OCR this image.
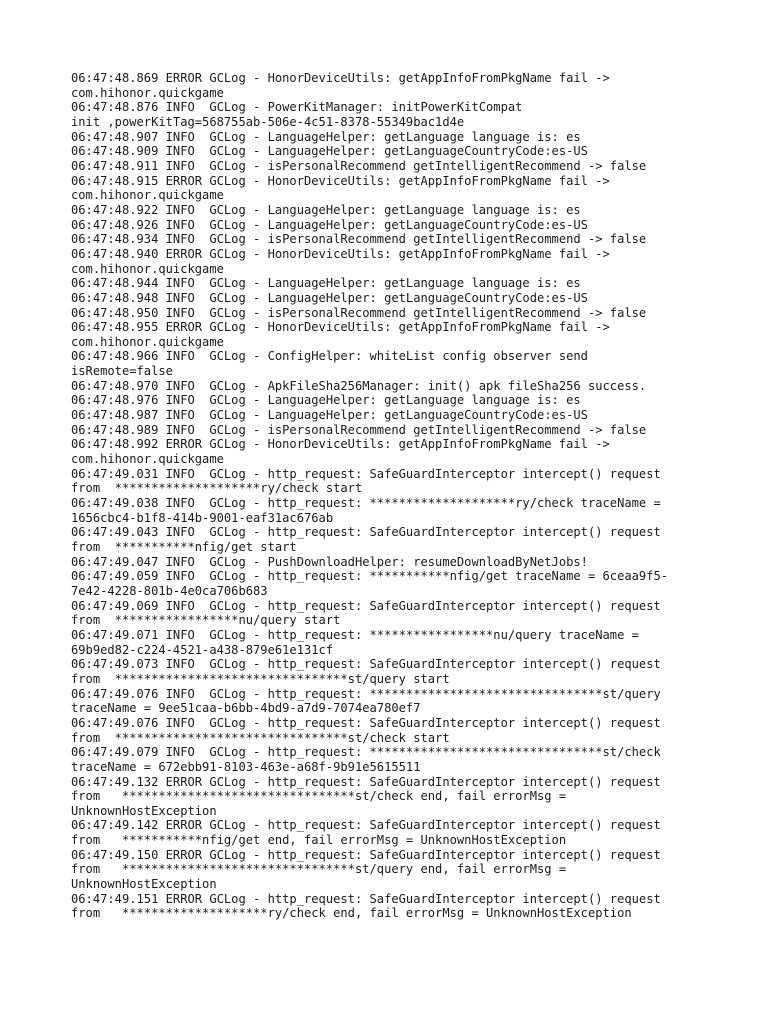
06:47:48.869 ERROR GCLog - HonorDeviceUtils: getAppInfoFromPkgName fail ->
com.hihonor.quickgame
06:47:48.876 INFO  GCLog - PowerKitManager: initPowerKitCompat
init ,powerKitTag=568755ab-506e-4c51-8378-55349bac1d4e
06:47:48.907 INFO  GCLog - LanguageHelper: getLanguage language is: es
06:47:48.909 INFO  GCLog - LanguageHelper: getLanguageCountryCode:es-US
06:47:48.911 INFO  GCLog - isPersonalRecommend getIntelligentRecommend -> false
06:47:48.915 ERROR GCLog - HonorDeviceUtils: getAppInfoFromPkgName fail ->
com.hihonor.quickgame
06:47:48.922 INFO  GCLog - LanguageHelper: getLanguage language is: es
06:47:48.926 INFO  GCLog - LanguageHelper: getLanguageCountryCode:es-US
06:47:48.934 INFO  GCLog - isPersonalRecommend getIntelligentRecommend -> false
06:47:48.940 ERROR GCLog - HonorDeviceUtils: getAppInfoFromPkgName fail ->
com.hihonor.quickgame
06:47:48.944 INFO  GCLog - LanguageHelper: getLanguage language is: es
06:47:48.948 INFO  GCLog - LanguageHelper: getLanguageCountryCode:es-US
06:47:48.950 INFO  GCLog - isPersonalRecommend getIntelligentRecommend -> false
06:47:48.955 ERROR GCLog - HonorDeviceUtils: getAppInfoFromPkgName fail ->
com.hihonor.quickgame
06:47:48.966 INFO  GCLog - ConfigHelper: whiteList config observer send
isRemote=false
06:47:48.970 INFO  GCLog - ApkFileSha256Manager: init() apk fileSha256 success.
06:47:48.976 INFO  GCLog - LanguageHelper: getLanguage language is: es
06:47:48.987 INFO  GCLog - LanguageHelper: getLanguageCountryCode:es-US
06:47:48.989 INFO  GCLog - isPersonalRecommend getIntelligentRecommend -> false
06:47:48.992 ERROR GCLog - HonorDeviceUtils: getAppInfoFromPkgName fail ->
com.hihonor.quickgame
06:47:49.031 INFO  GCLog - http_request: SafeGuardInterceptor intercept() request
from  ********************ry/check start
06:47:49.038 INFO  GCLog - http_request: ********************ry/check traceName =
1656cbc4-b1f8-414b-9001-eaf31ac676ab
06:47:49.043 INFO  GCLog - http_request: SafeGuardInterceptor intercept() request
from  ***********nfig/get start
06:47:49.047 INFO  GCLog - PushDownloadHelper: resumeDownloadByNetJobs!
06:47:49.059 INFO  GCLog - http_request: ***********nfig/get traceName = 6ceaa9f5-
7e42-4228-801b-4e0ca706b683
06:47:49.069 INFO  GCLog - http_request: SafeGuardInterceptor intercept() request
from  *****************nu/query start
06:47:49.071 INFO  GCLog - http_request: *****************nu/query traceName =
69b9ed82-c224-4521-a438-879e61e131cf
06:47:49.073 INFO  GCLog - http_request: SafeGuardInterceptor intercept() request
from  ********************************st/query start
06:47:49.076 INFO  GCLog - http_request: ********************************st/query
traceName = 9ee51caa-b6bb-4bd9-a7d9-7074ea780ef7
06:47:49.076 INFO  GCLog - http_request: SafeGuardInterceptor intercept() request
from  ********************************st/check start
06:47:49.079 INFO  GCLog - http_request: ********************************st/check
traceName = 672ebb91-8103-463e-a68f-9b91e5615511
06:47:49.132 ERROR GCLog - http_request: SafeGuardInterceptor intercept() request
from   ********************************st/check end, fail errorMsg =
UnknownHostException
06:47:49.142 ERROR GCLog - http_request: SafeGuardInterceptor intercept() request
from   ***********nfig/get end, fail errorMsg = UnknownHostException
06:47:49.150 ERROR GCLog - http_request: SafeGuardInterceptor intercept() request
from   ********************************st/query end, fail errorMsg =
UnknownHostException
06:47:49.151 ERROR GCLog - http_request: SafeGuardInterceptor intercept() request
from   ********************ry/check end, fail errorMsg = UnknownHostException
